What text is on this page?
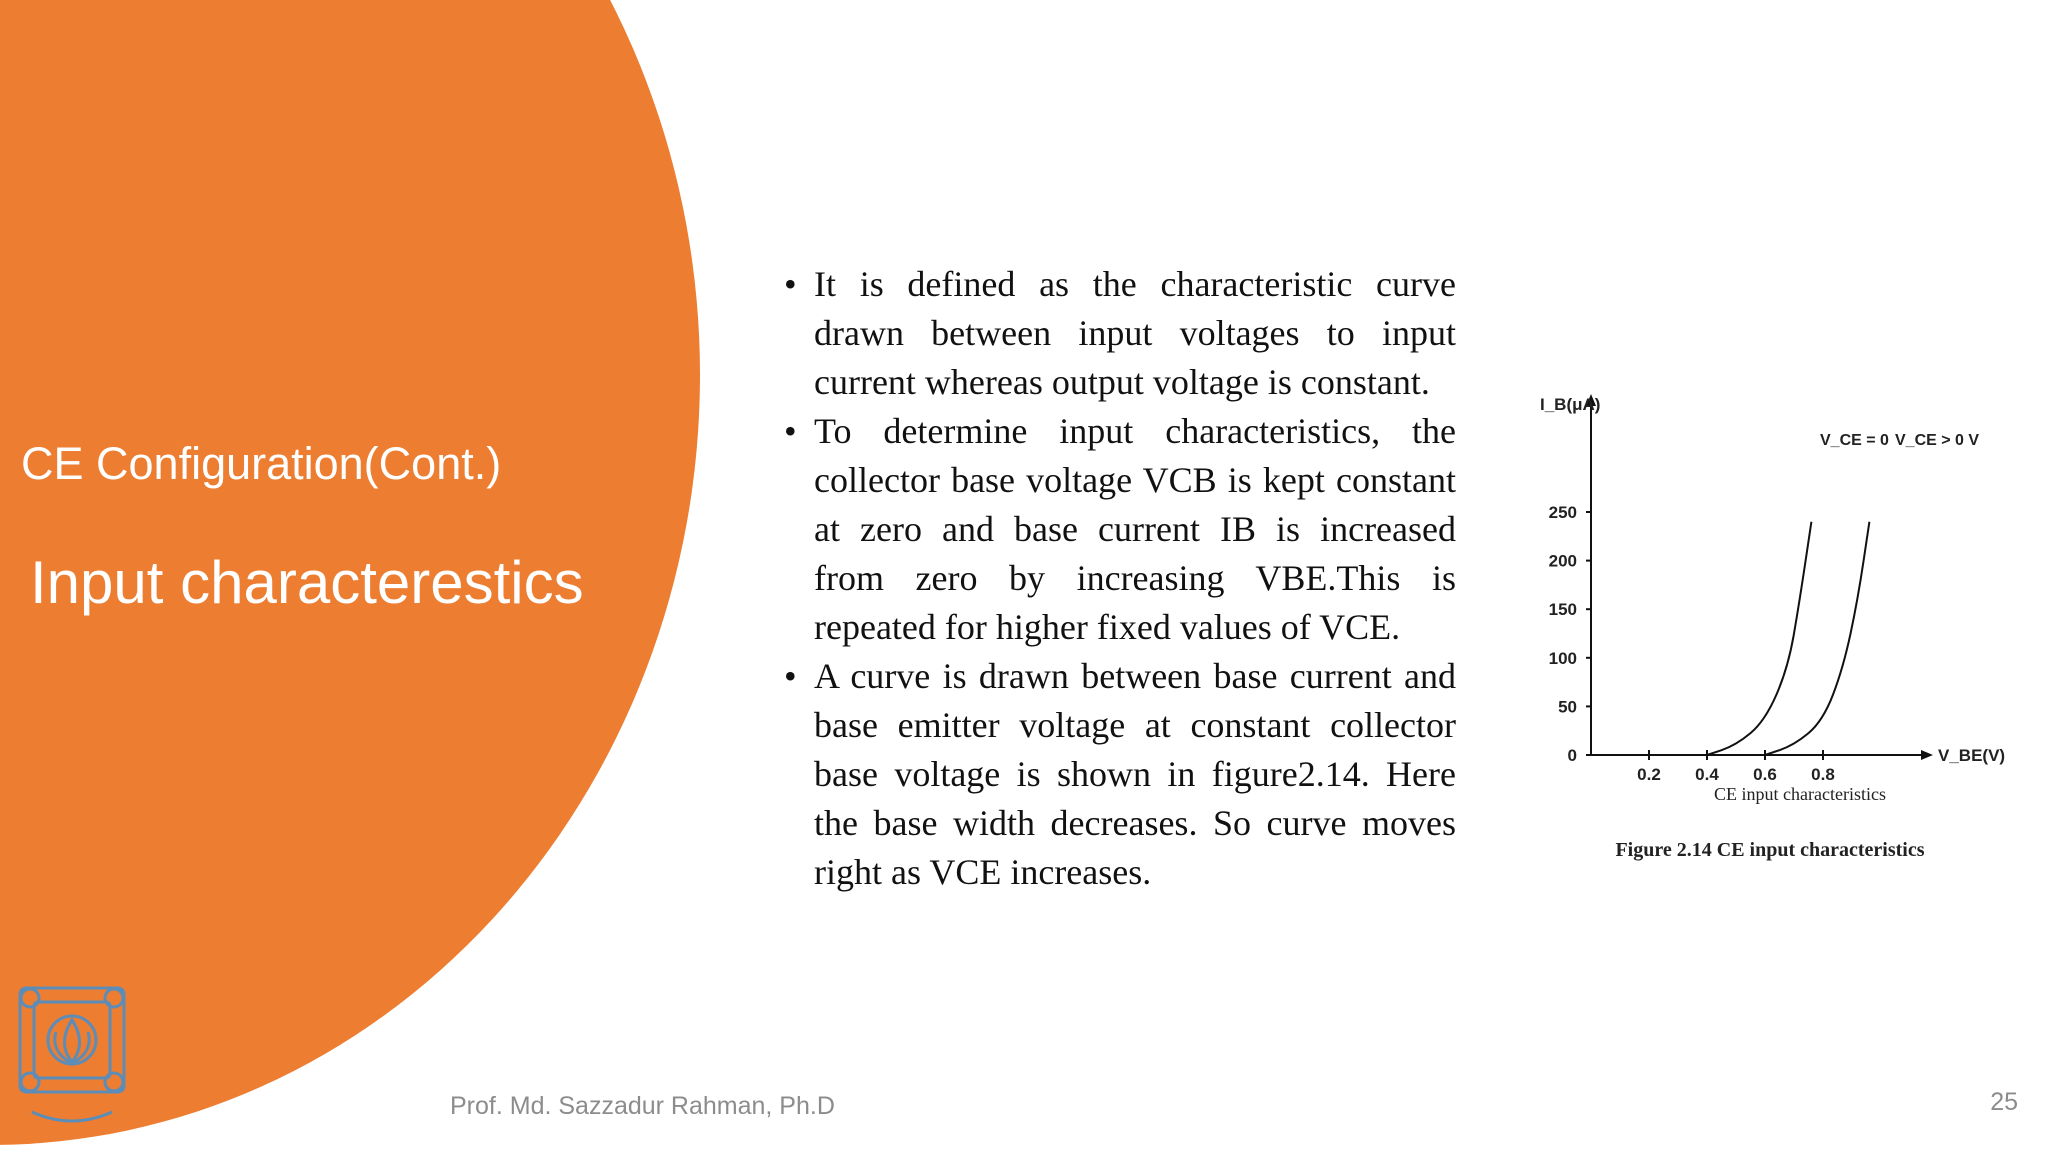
CE Configuration(Cont.)
Input characterestics
• It is defined as the characteristic curve drawn between input voltages to input current whereas output voltage is constant.
• To determine input characteristics, the collector base voltage VCB is kept constant at zero and base current IB is increased from zero by increasing VBE.This is repeated for higher fixed values of VCE.
• A curve is drawn between base current and base emitter voltage at constant collector base voltage is shown in figure2.14. Here the base width decreases. So curve moves right as VCE increases.
I_B(μA)
V_BE(V)
0
50
100
150
200
250
0.2 0.4 0.6 0.8
V_CE = 0 V_CE > 0 V
CE input characteristics
Figure 2.14 CE input characteristics
Prof. Md. Sazzadur Rahman, Ph.D	25
